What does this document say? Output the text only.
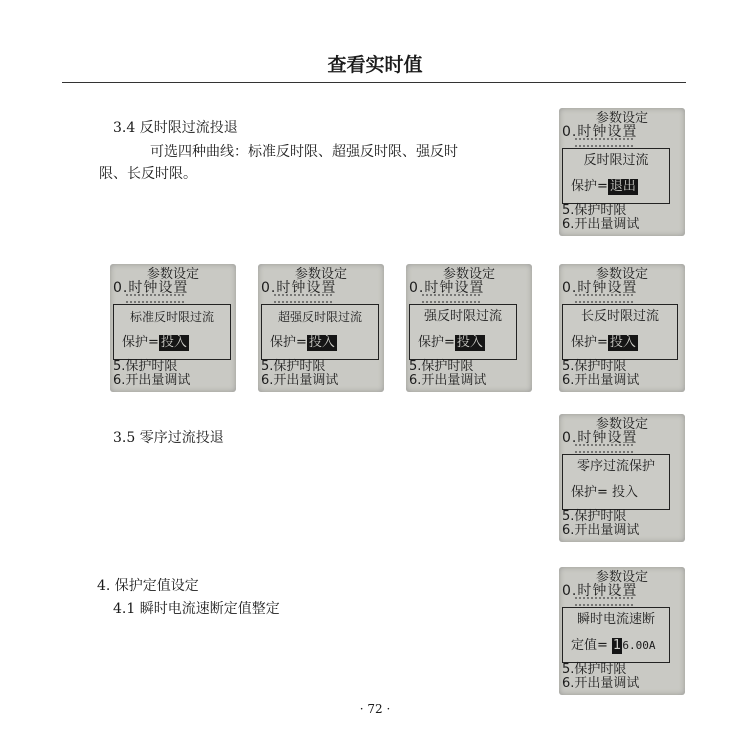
查看实时值
3.4 反时限过流投退
可选四种曲线：标准反时限、超强反时限、强反时
限、长反时限。
3.5 零序过流投退
4. 保护定值设定
4.1 瞬时电流速断定值整定
参数设定
0.时钟设置
反时限过流
保护= 退出
5.保护时限
6.开出量调试
参数设定
0.时钟设置
标准反时限过流
保护= 投入
5.保护时限
6.开出量调试
参数设定
0.时钟设置
超强反时限过流
保护= 投入
5.保护时限
6.开出量调试
参数设定
0.时钟设置
强反时限过流
保护= 投入
5.保护时限
6.开出量调试
参数设定
0.时钟设置
长反时限过流
保护= 投入
5.保护时限
6.开出量调试
参数设定
0.时钟设置
零序过流保护
保护= 投入
5.保护时限
6.开出量调试
参数设定
0.时钟设置
瞬时电流速断
定值= 16.00A
5.保护时限
6.开出量调试
· 72 ·
